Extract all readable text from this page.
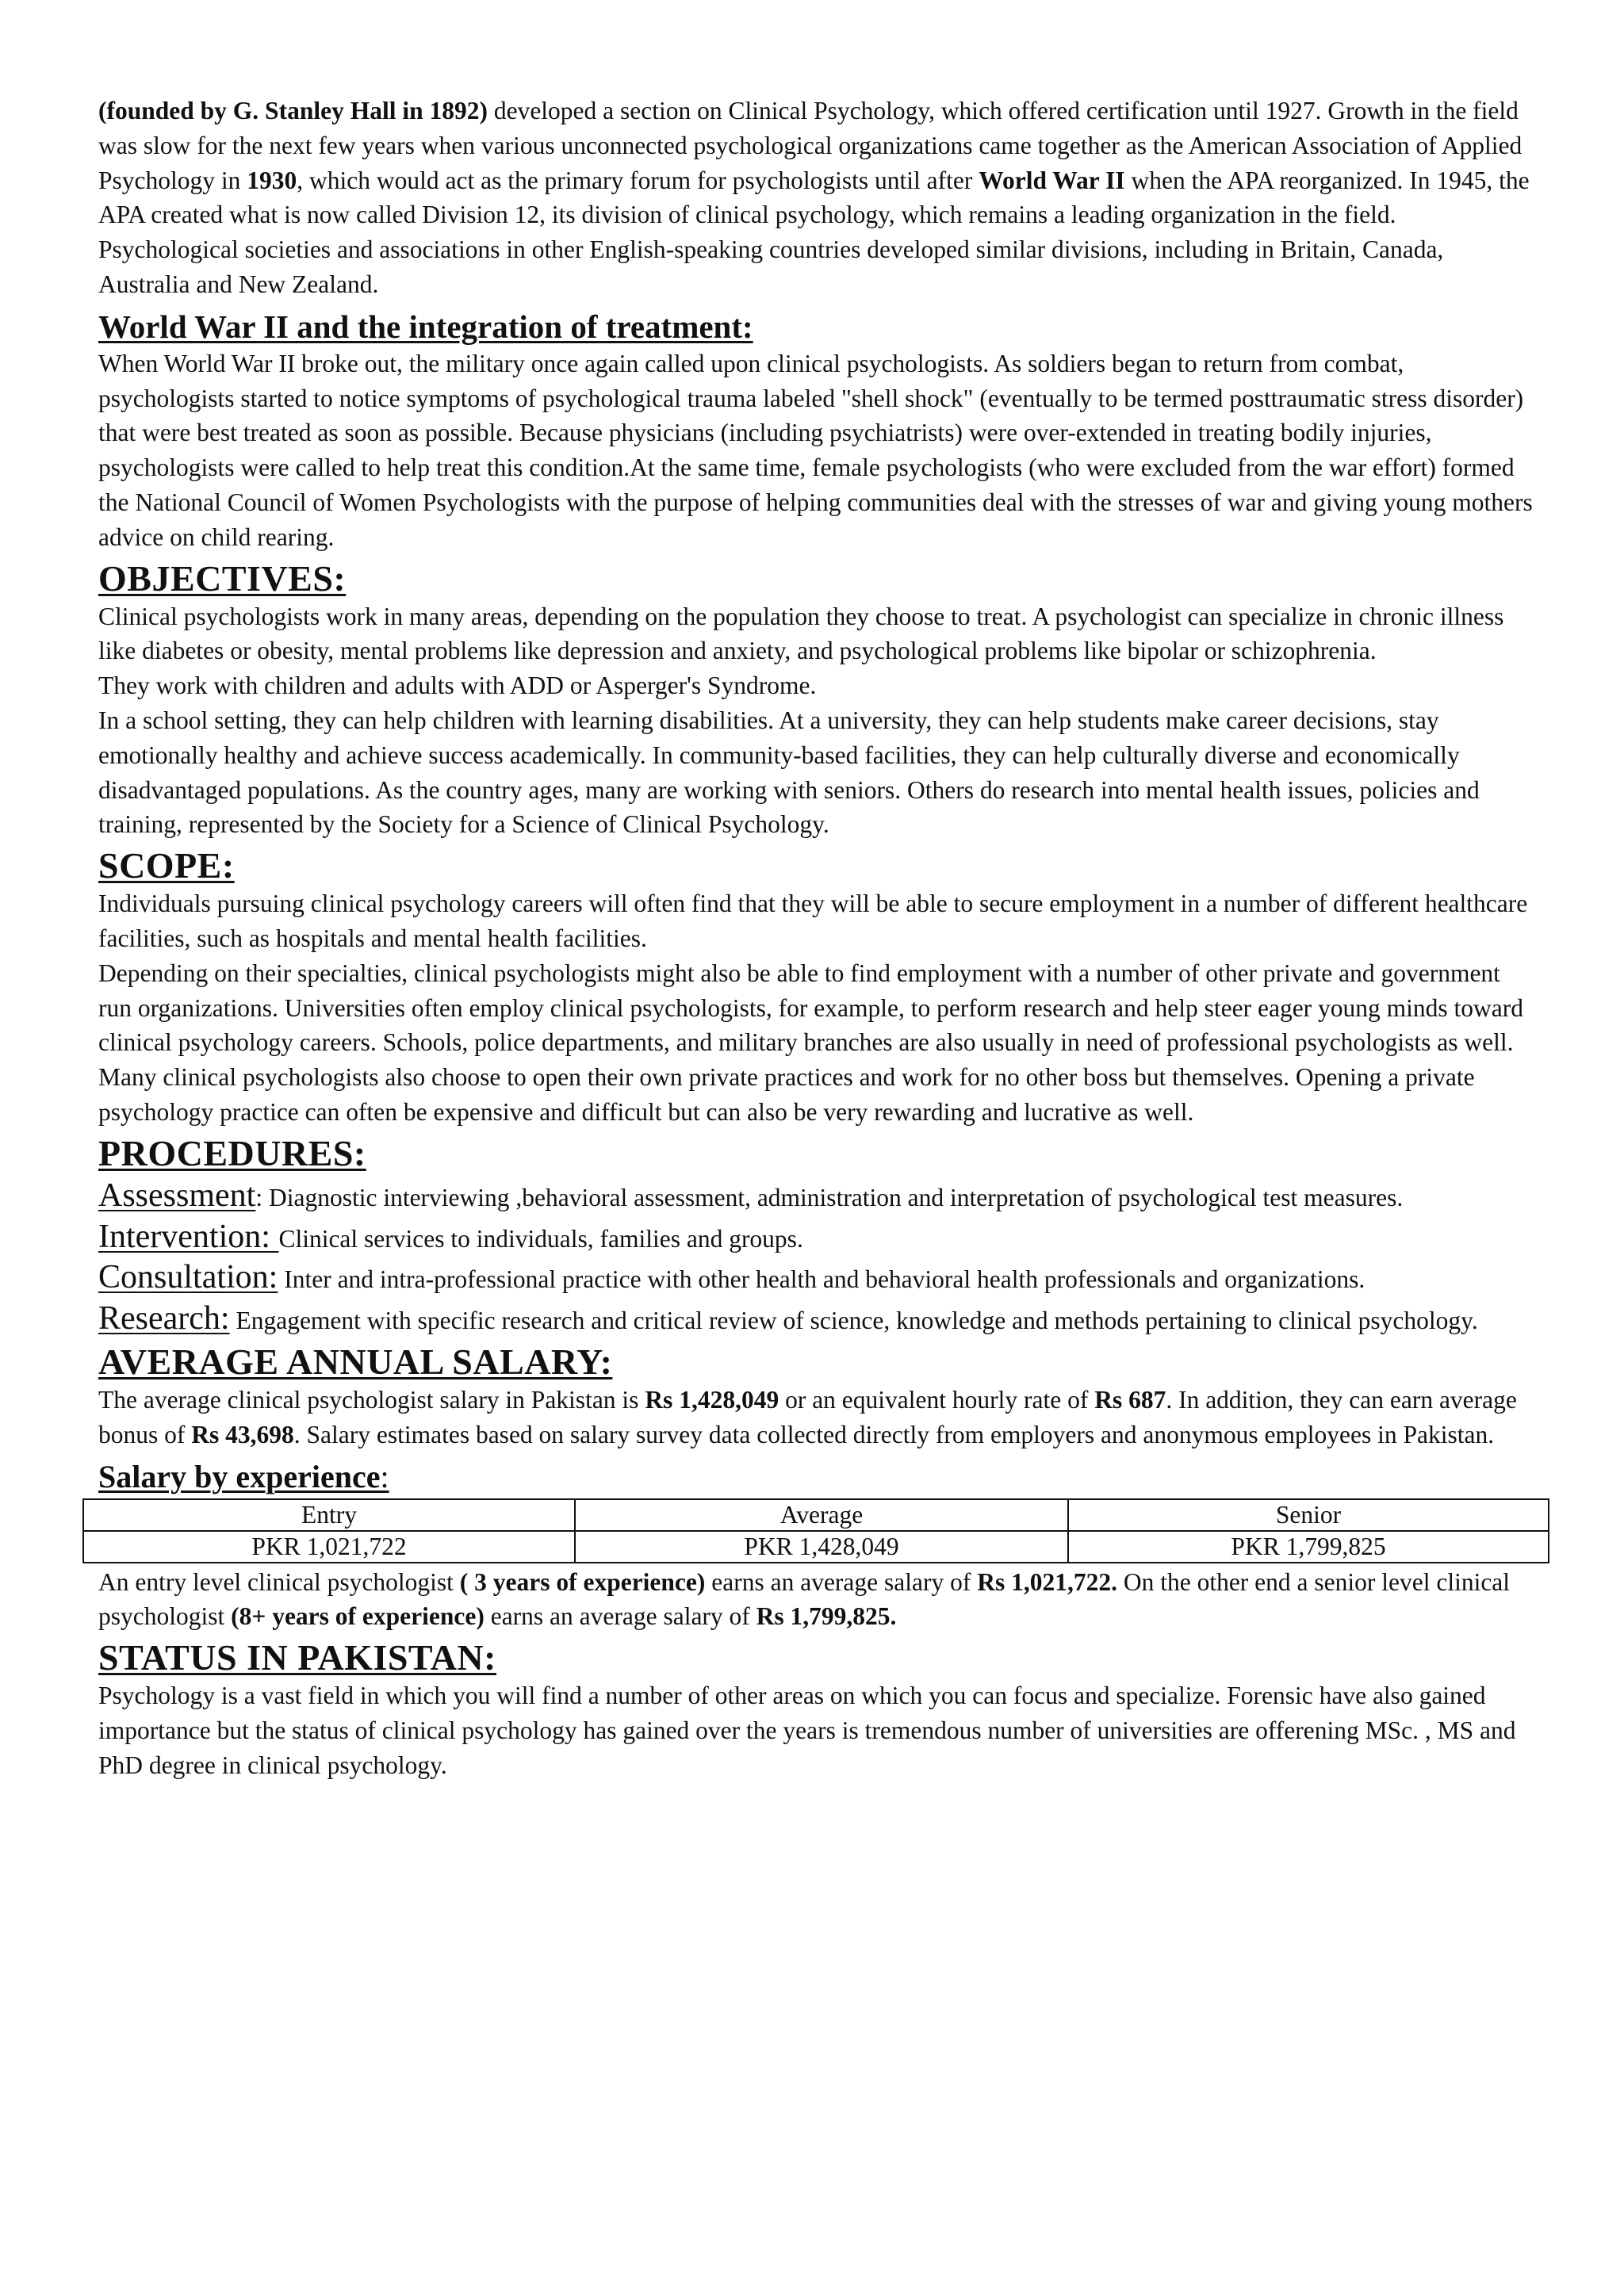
(founded by G. Stanley Hall in 1892) developed a section on Clinical Psychology, which offered certification until 1927. Growth in the field was slow for the next few years when various unconnected psychological organizations came together as the American Association of Applied Psychology in 1930, which would act as the primary forum for psychologists until after World War II when the APA reorganized. In 1945, the APA created what is now called Division 12, its division of clinical psychology, which remains a leading organization in the field. Psychological societies and associations in other English-speaking countries developed similar divisions, including in Britain, Canada, Australia and New Zealand.

World War II and the integration of treatment:

When World War II broke out, the military once again called upon clinical psychologists. As soldiers began to return from combat, psychologists started to notice symptoms of psychological trauma labeled "shell shock" (eventually to be termed posttraumatic stress disorder) that were best treated as soon as possible. Because physicians (including psychiatrists) were over-extended in treating bodily injuries, psychologists were called to help treat this condition.At the same time, female psychologists (who were excluded from the war effort) formed the National Council of Women Psychologists with the purpose of helping communities deal with the stresses of war and giving young mothers advice on child rearing.

OBJECTIVES:

Clinical psychologists work in many areas, depending on the population they choose to treat. A psychologist can specialize in chronic illness like diabetes or obesity, mental problems like depression and anxiety, and psychological problems like bipolar or schizophrenia.

They work with children and adults with ADD or Asperger's Syndrome.

In a school setting, they can help children with learning disabilities. At a university, they can help students make career decisions, stay emotionally healthy and achieve success academically. In community-based facilities, they can help culturally diverse and economically disadvantaged populations. As the country ages, many are working with seniors. Others do research into mental health issues, policies and training, represented by the Society for a Science of Clinical Psychology.

SCOPE:

Individuals pursuing clinical psychology careers will often find that they will be able to secure employment in a number of different healthcare facilities, such as hospitals and mental health facilities.

Depending on their specialties, clinical psychologists might also be able to find employment with a number of other private and government run organizations. Universities often employ clinical psychologists, for example, to perform research and help steer eager young minds toward clinical psychology careers. Schools, police departments, and military branches are also usually in need of professional psychologists as well.

Many clinical psychologists also choose to open their own private practices and work for no other boss but themselves. Opening a private psychology practice can often be expensive and difficult but can also be very rewarding and lucrative as well.

PROCEDURES:

Assessment: Diagnostic interviewing ,behavioral assessment, administration and interpretation of psychological test measures.

Intervention: Clinical services to individuals, families and groups.

Consultation: Inter and intra-professional practice with other health and behavioral health professionals and organizations.

Research: Engagement with specific research and critical review of science, knowledge and methods pertaining to clinical psychology.

AVERAGE ANNUAL SALARY:

The average clinical psychologist salary in Pakistan is Rs 1,428,049 or an equivalent hourly rate of Rs 687. In addition, they can earn average bonus of Rs 43,698. Salary estimates based on salary survey data collected directly from employers and anonymous employees in Pakistan.

Salary by experience:
Entry	Average	Senior
PKR 1,021,722	PKR 1,428,049	PKR 1,799,825

An entry level clinical psychologist ( 3 years of experience) earns an average salary of Rs 1,021,722. On the other end a senior level clinical psychologist (8+ years of experience) earns an average salary of Rs 1,799,825.

STATUS IN PAKISTAN:

Psychology is a vast field in which you will find a number of other areas on which you can focus and specialize. Forensic have also gained importance but the status of clinical psychology has gained over the years is tremendous number of universities are offerening MSc. , MS and PhD degree in clinical psychology.
